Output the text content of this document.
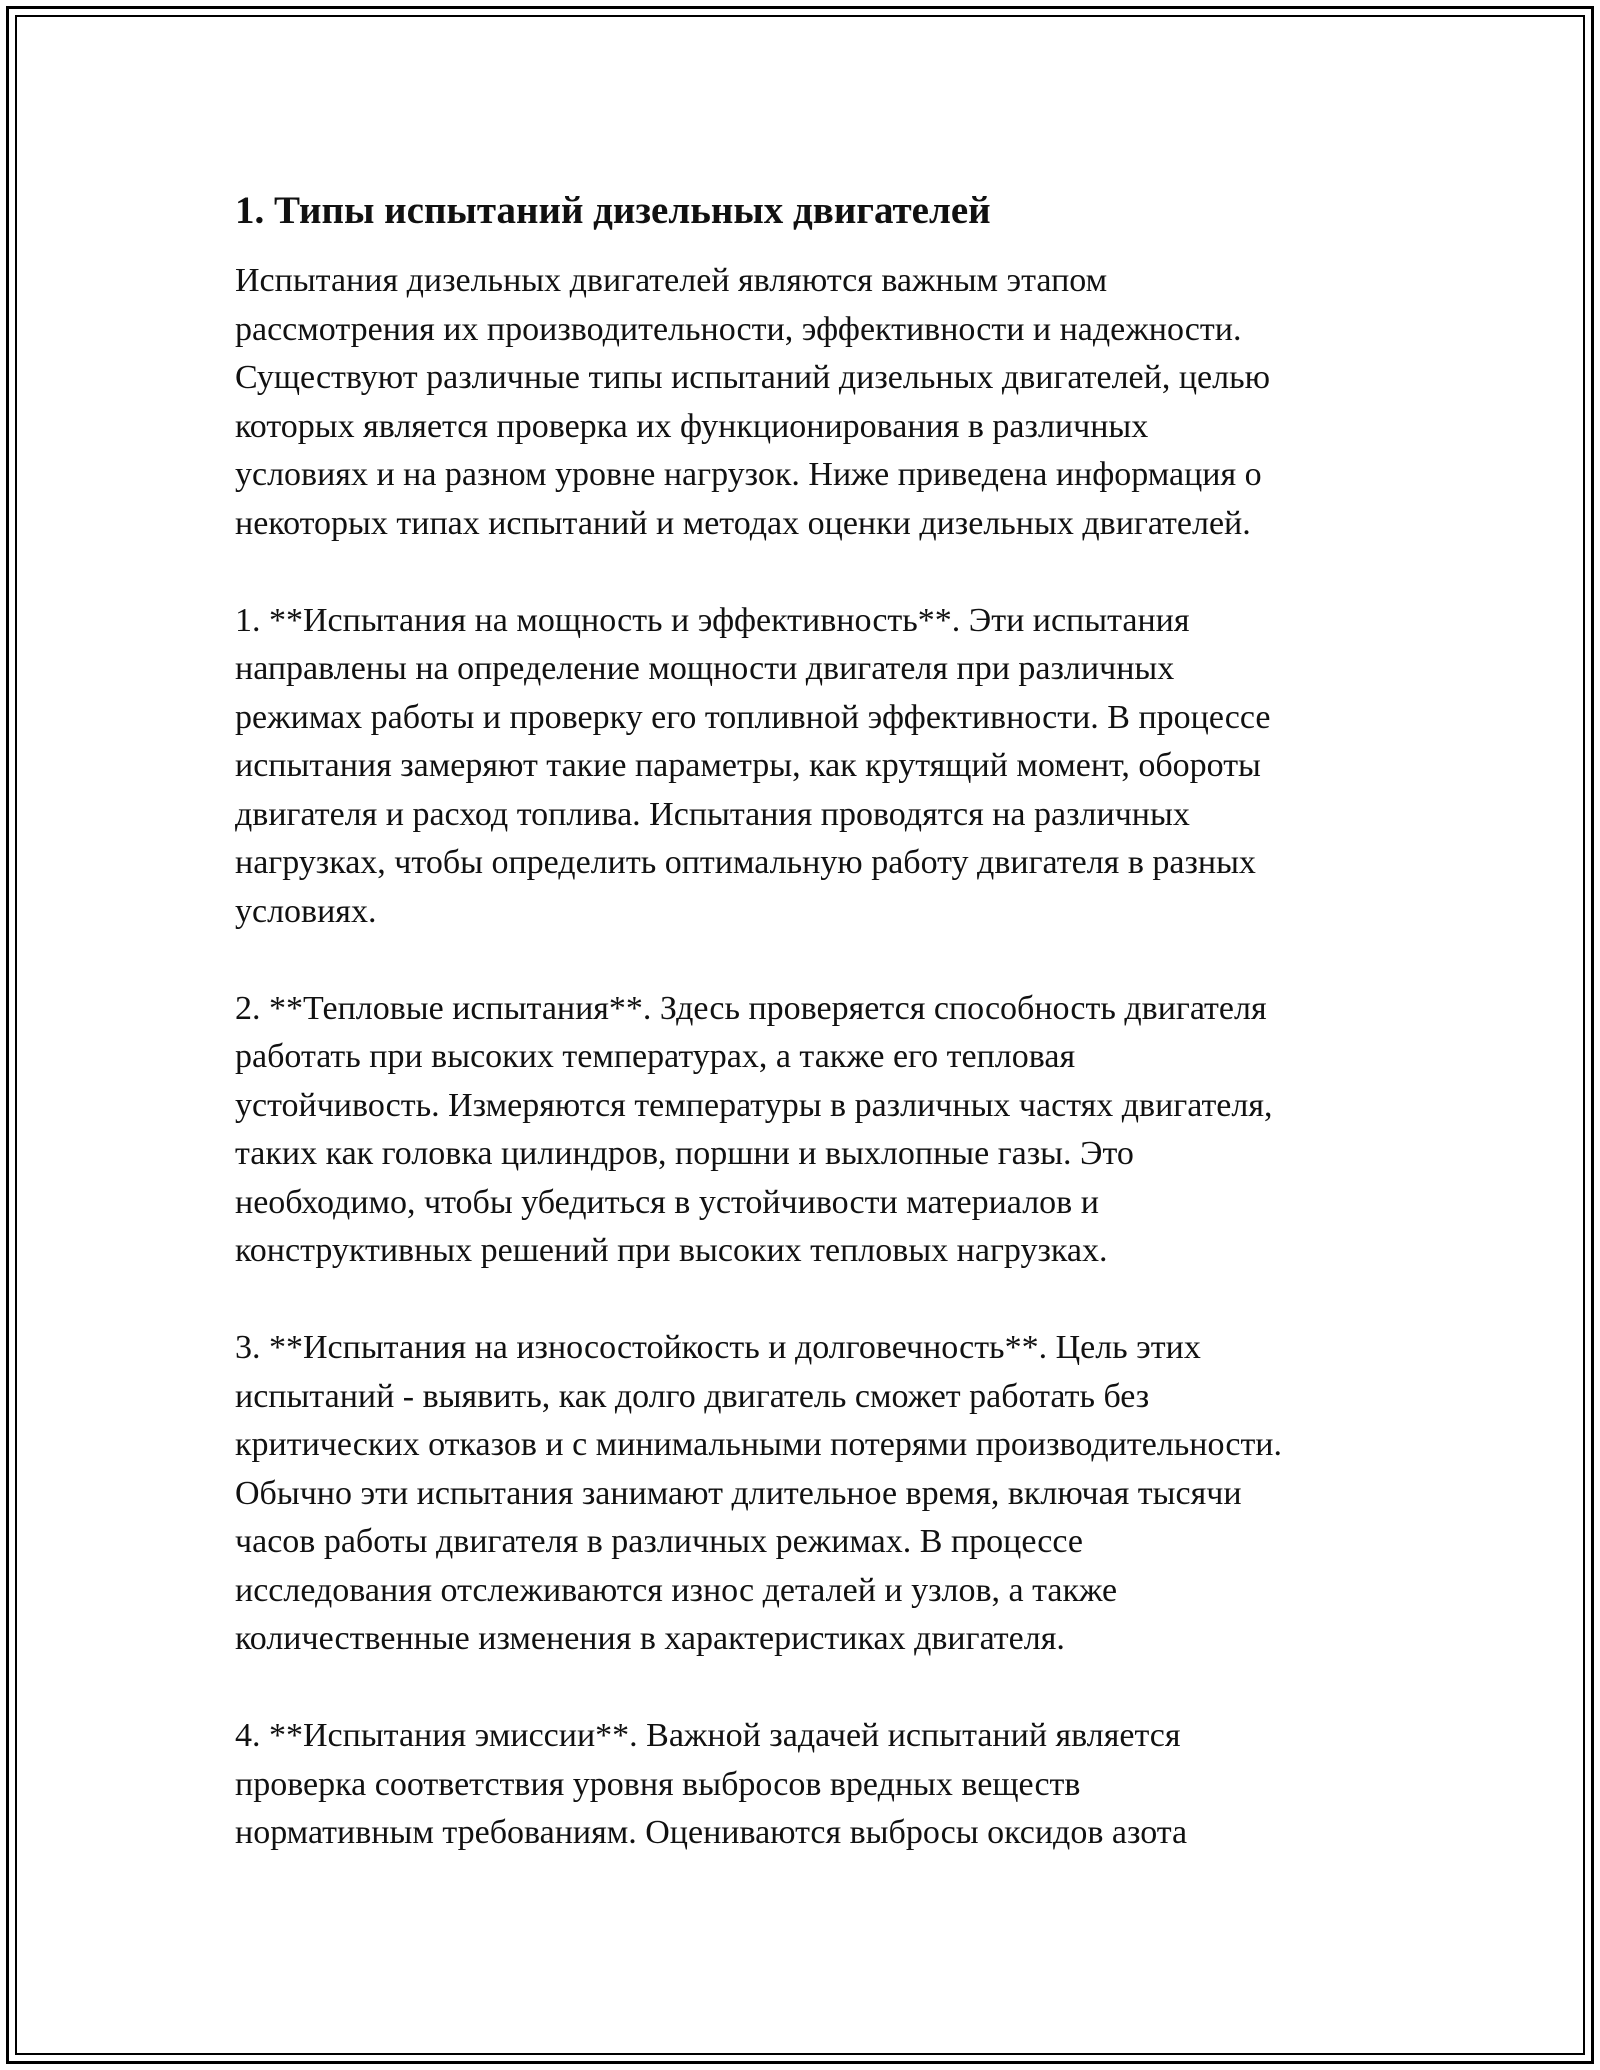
1. Типы испытаний дизельных двигателей

Испытания дизельных двигателей являются важным этапом
рассмотрения их производительности, эффективности и надежности.
Существуют различные типы испытаний дизельных двигателей, целью
которых является проверка их функционирования в различных
условиях и на разном уровне нагрузок. Ниже приведена информация о
некоторых типах испытаний и методах оценки дизельных двигателей.

1. **Испытания на мощность и эффективность**. Эти испытания
направлены на определение мощности двигателя при различных
режимах работы и проверку его топливной эффективности. В процессе
испытания замеряют такие параметры, как крутящий момент, обороты
двигателя и расход топлива. Испытания проводятся на различных
нагрузках, чтобы определить оптимальную работу двигателя в разных
условиях.

2. **Тепловые испытания**. Здесь проверяется способность двигателя
работать при высоких температурах, а также его тепловая
устойчивость. Измеряются температуры в различных частях двигателя,
таких как головка цилиндров, поршни и выхлопные газы. Это
необходимо, чтобы убедиться в устойчивости материалов и
конструктивных решений при высоких тепловых нагрузках.

3. **Испытания на износостойкость и долговечность**. Цель этих
испытаний - выявить, как долго двигатель сможет работать без
критических отказов и с минимальными потерями производительности.
Обычно эти испытания занимают длительное время, включая тысячи
часов работы двигателя в различных режимах. В процессе
исследования отслеживаются износ деталей и узлов, а также
количественные изменения в характеристиках двигателя.

4. **Испытания эмиссии**. Важной задачей испытаний является
проверка соответствия уровня выбросов вредных веществ
нормативным требованиям. Оцениваются выбросы оксидов азота
